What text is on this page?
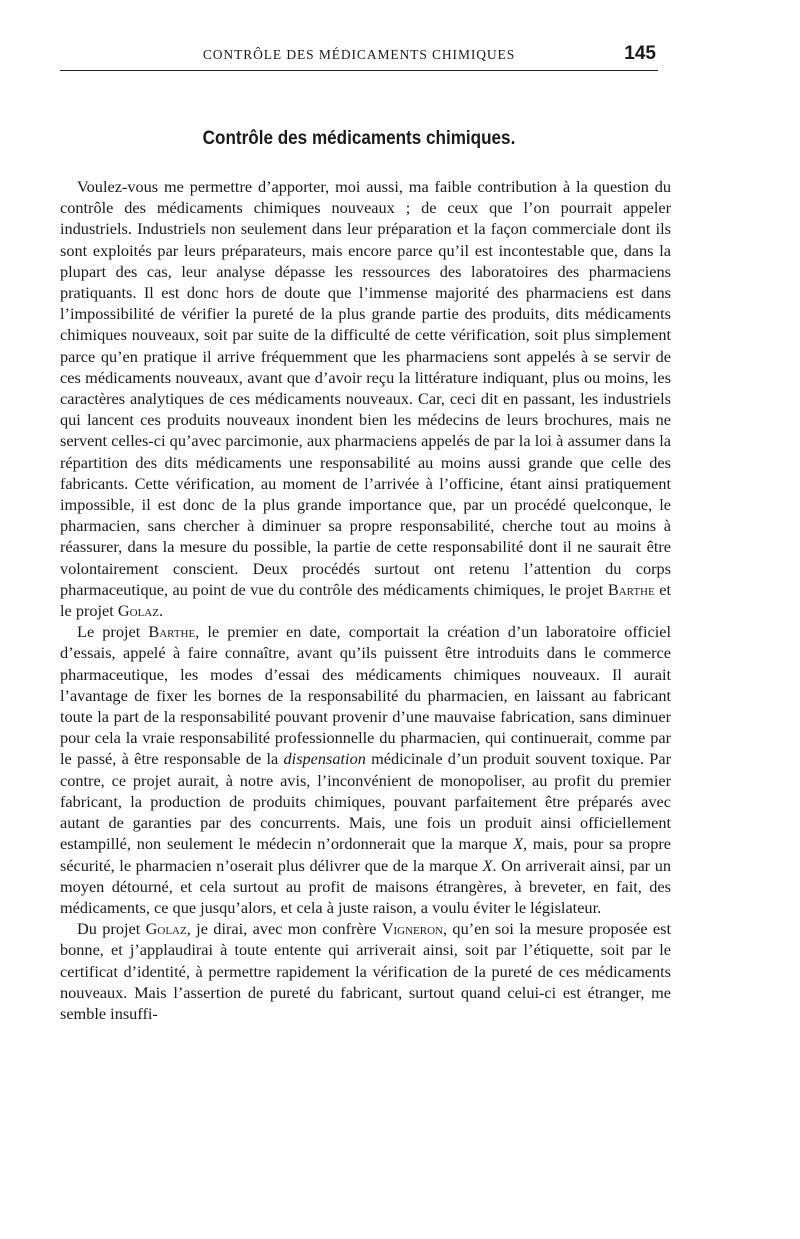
CONTRÔLE DES MÉDICAMENTS CHIMIQUES	145
Contrôle des médicaments chimiques.

Voulez-vous me permettre d’apporter, moi aussi, ma faible contribution à la question du contrôle des médicaments chimiques nouveaux ; de ceux que l’on pourrait appeler industriels. Industriels non seulement dans leur préparation et la façon commerciale dont ils sont exploités par leurs préparateurs, mais encore parce qu’il est incontestable que, dans la plupart des cas, leur analyse dépasse les ressources des laboratoires des pharmaciens pratiquants. Il est donc hors de doute que l’immense majorité des pharmaciens est dans l’impossibilité de vérifier la pureté de la plus grande partie des produits, dits médicaments chimiques nouveaux, soit par suite de la difficulté de cette vérification, soit plus simplement parce qu’en pratique il arrive fréquemment que les pharmaciens sont appelés à se servir de ces médicaments nouveaux, avant que d’avoir reçu la littérature indiquant, plus ou moins, les caractères analytiques de ces médicaments nouveaux. Car, ceci dit en passant, les industriels qui lancent ces produits nouveaux inondent bien les médecins de leurs brochures, mais ne servent celles-ci qu’avec parcimonie, aux pharmaciens appelés de par la loi à assumer dans la répartition des dits médicaments une responsabilité au moins aussi grande que celle des fabricants. Cette vérification, au moment de l’arrivée à l’officine, étant ainsi pratiquement impossible, il est donc de la plus grande importance que, par un procédé quelconque, le pharmacien, sans chercher à diminuer sa propre responsabilité, cherche tout au moins à réassurer, dans la mesure du possible, la partie de cette responsabilité dont il ne saurait être volontairement conscient. Deux procédés surtout ont retenu l’attention du corps pharmaceutique, au point de vue du contrôle des médicaments chimiques, le projet Barthe et le projet Golaz.

Le projet Barthe, le premier en date, comportait la création d’un laboratoire officiel d’essais, appelé à faire connaître, avant qu’ils puissent être introduits dans le commerce pharmaceutique, les modes d’essai des médicaments chimiques nouveaux. Il aurait l’avantage de fixer les bornes de la responsabilité du pharmacien, en laissant au fabricant toute la part de la responsabilité pouvant provenir d’une mauvaise fabrication, sans diminuer pour cela la vraie responsabilité professionnelle du pharmacien, qui continuerait, comme par le passé, à être responsable de la dispensation médicinale d’un produit souvent toxique. Par contre, ce projet aurait, à notre avis, l’inconvénient de monopoliser, au profit du premier fabricant, la production de produits chimiques, pouvant parfaitement être préparés avec autant de garanties par des concurrents. Mais, une fois un produit ainsi officiellement estampillé, non seulement le médecin n’ordonnerait que la marque X, mais, pour sa propre sécurité, le pharmacien n’oserait plus délivrer que de la marque X. On arriverait ainsi, par un moyen détourné, et cela surtout au profit de maisons étrangères, à breveter, en fait, des médicaments, ce que jusqu’alors, et cela à juste raison, a voulu éviter le législateur.

Du projet Golaz, je dirai, avec mon confrère Vigneron, qu’en soi la mesure proposée est bonne, et j’applaudirai à toute entente qui arriverait ainsi, soit par l’étiquette, soit par le certificat d’identité, à permettre rapidement la vérification de la pureté de ces médicaments nouveaux. Mais l’assertion de pureté du fabricant, surtout quand celui-ci est étranger, me semble insuffi-
